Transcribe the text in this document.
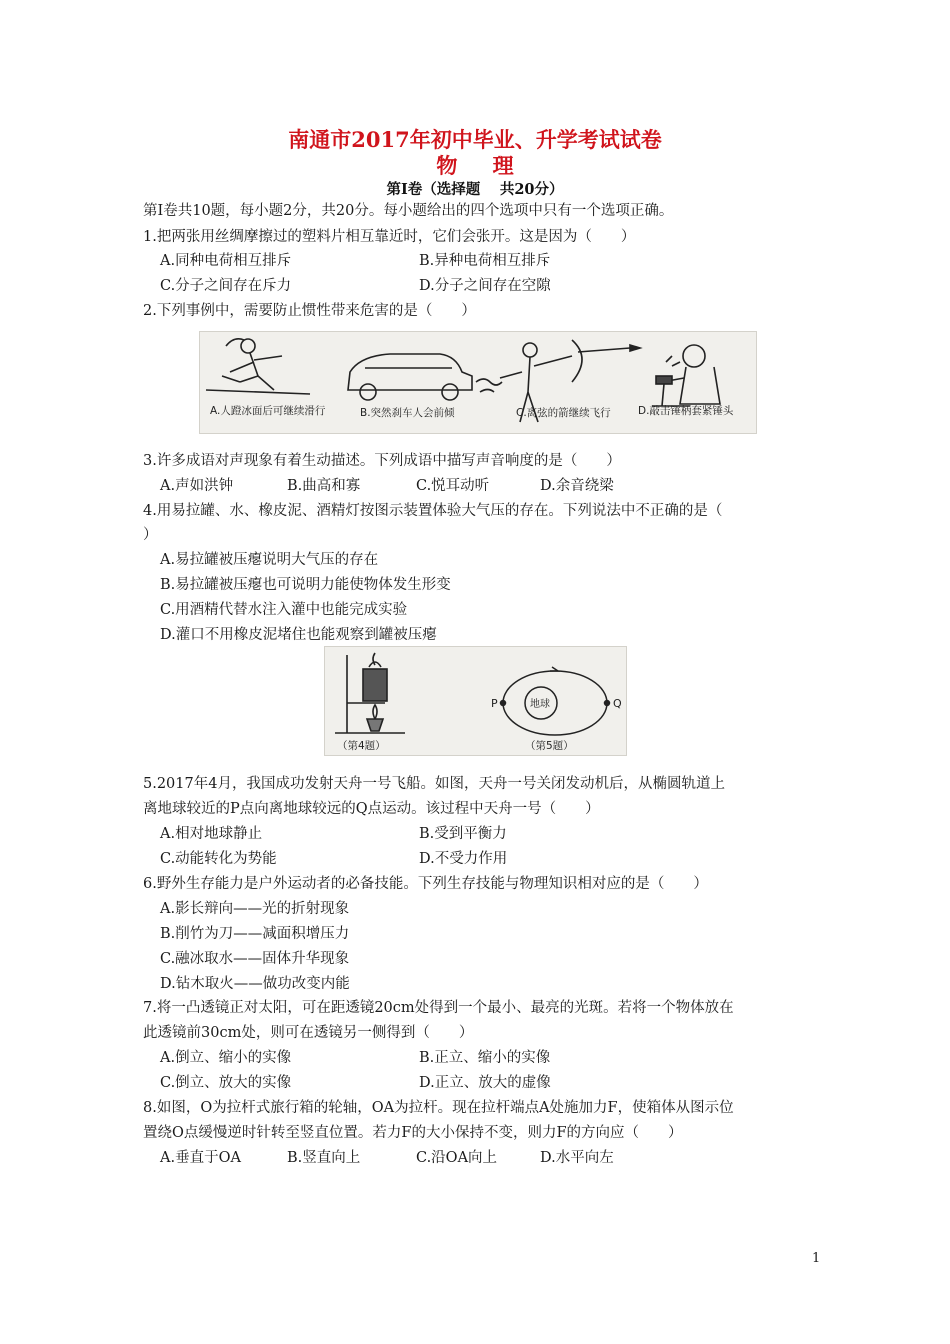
南通市2017年初中毕业、升学考试试卷
物 理
第Ⅰ卷（选择题　 共20分）
第Ⅰ卷共10题，每小题2分，共20分。每小题给出的四个选项中只有一个选项正确。
1.把两张用丝绸摩擦过的塑料片相互靠近时，它们会张开。这是因为（　　）
A.同种电荷相互排斥	B.异种电荷相互排斥
C.分子之间存在斥力	D.分子之间存在空隙
2.下列事例中，需要防止惯性带来危害的是（　　）
A.人蹬冰面后可继续滑行	B.突然刹车人会前倾	C.离弦的箭继续飞行	D.敲击锤柄套紧锤头
3.许多成语对声现象有着生动描述。下列成语中描写声音响度的是（　　）
A.声如洪钟	B.曲高和寡	C.悦耳动听	D.余音绕梁
4.用易拉罐、水、橡皮泥、酒精灯按图示装置体验大气压的存在。下列说法中不正确的是（
）
A.易拉罐被压瘪说明大气压的存在
B.易拉罐被压瘪也可说明力能使物体发生形变
C.用酒精代替水注入灌中也能完成实验
D.灌口不用橡皮泥堵住也能观察到罐被压瘪
P	Q
地球
（第4题）	（第5题）
5.2017年4月，我国成功发射天舟一号飞船。如图，天舟一号关闭发动机后，从椭圆轨道上
离地球较近的P点向离地球较远的Q点运动。该过程中天舟一号（　　）
A.相对地球静止	B.受到平衡力
C.动能转化为势能	D.不受力作用
6.野外生存能力是户外运动者的必备技能。下列生存技能与物理知识相对应的是（　　）
A.影长辩向——光的折射现象
B.削竹为刀——减面积增压力
C.融冰取水——固体升华现象
D.钻木取火——做功改变内能
7.将一凸透镜正对太阳，可在距透镜20cm处得到一个最小、最亮的光斑。若将一个物体放在
此透镜前30cm处，则可在透镜另一侧得到（　　）
A.倒立、缩小的实像	B.正立、缩小的实像
C.倒立、放大的实像	D.正立、放大的虚像
8.如图，O为拉杆式旅行箱的轮轴，OA为拉杆。现在拉杆端点A处施加力F，使箱体从图示位
置绕O点缓慢逆时针转至竖直位置。若力F的大小保持不变，则力F的方向应（　　）
A.垂直于OA	B.竖直向上	C.沿OA向上	D.水平向左
1
